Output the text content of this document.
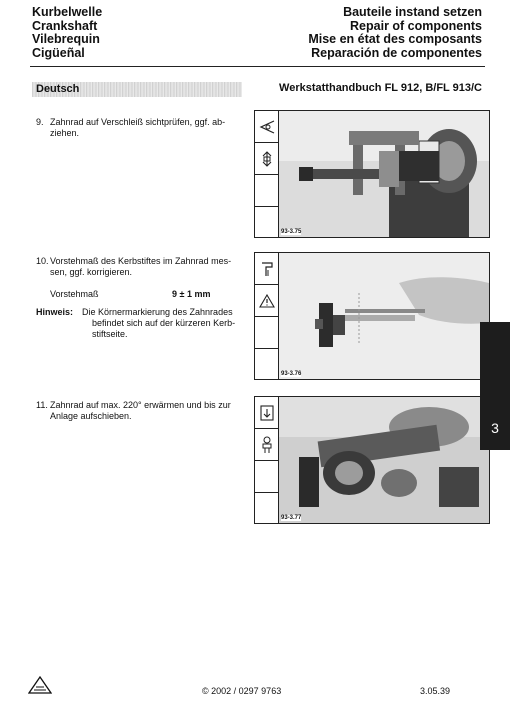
Kurbelwelle
Crankshaft
Vilebrequin
Cigüeñal
Bauteile instand setzen
Repair of components
Mise en état des composants
Reparación de componentes
Deutsch	Werkstatthandbuch FL 912, B/FL 913/C
9. Zahnrad auf Verschleiß sichtprüfen, ggf. ab-
ziehen.
93-3.75
10. Vorstehmaß des Kerbstiftes im Zahnrad mes-
sen, ggf. korrigieren.
Vorstehmaß	9 ± 1 mm
Hinweis: Die Körnermarkierung des Zahnrades
befindet sich auf der kürzeren Kerb-
stiftseite.
93-3.76
11. Zahnrad auf max. 220° erwärmen und bis zur
Anlage aufschieben.
93-3.77
3
© 2002 / 0297 9763	3.05.39
